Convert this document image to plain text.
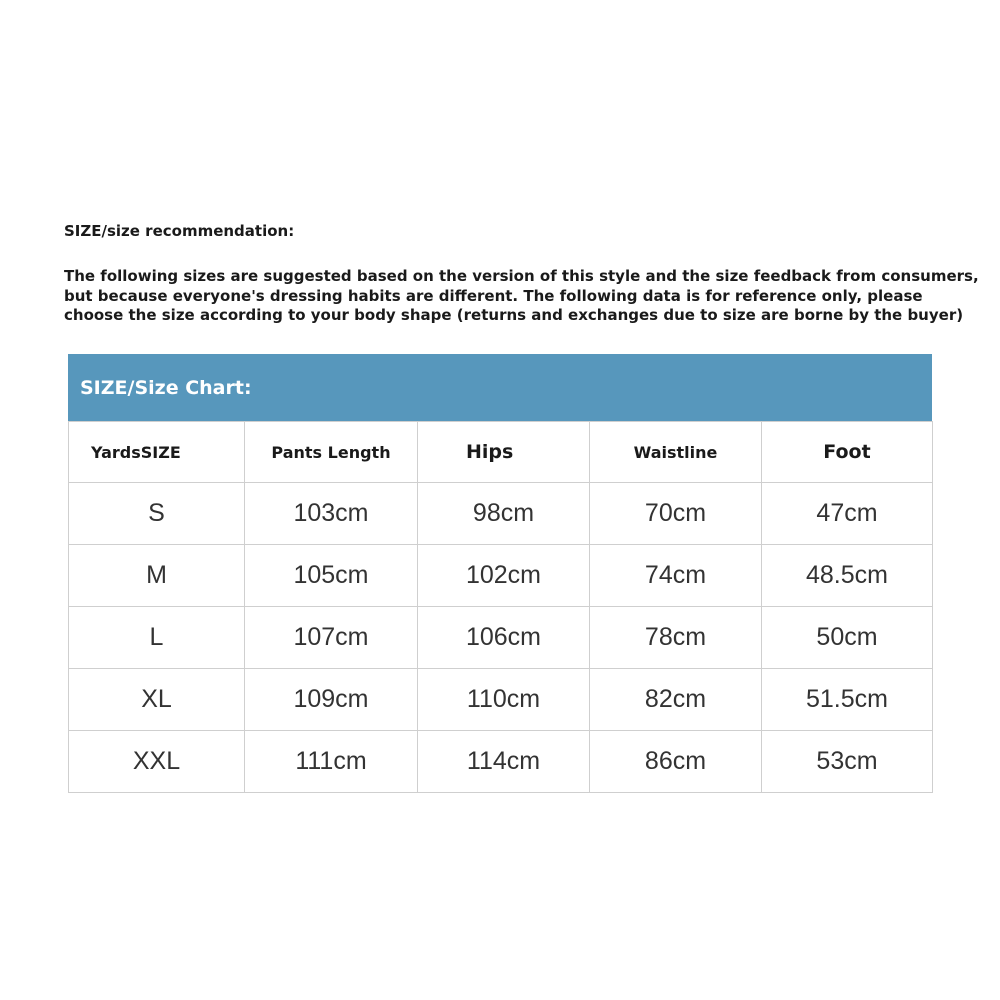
SIZE/size recommendation:
The following sizes are suggested based on the version of this style and the size feedback from consumers,
but because everyone's dressing habits are different. The following data is for reference only, please
choose the size according to your body shape (returns and exchanges due to size are borne by the buyer)
SIZE/Size Chart:
YardsSIZE	Pants Length	Hips	Waistline	Foot
S	103cm	98cm	70cm	47cm
M	105cm	102cm	74cm	48.5cm
L	107cm	106cm	78cm	50cm
XL	109cm	110cm	82cm	51.5cm
XXL	111cm	114cm	86cm	53cm
